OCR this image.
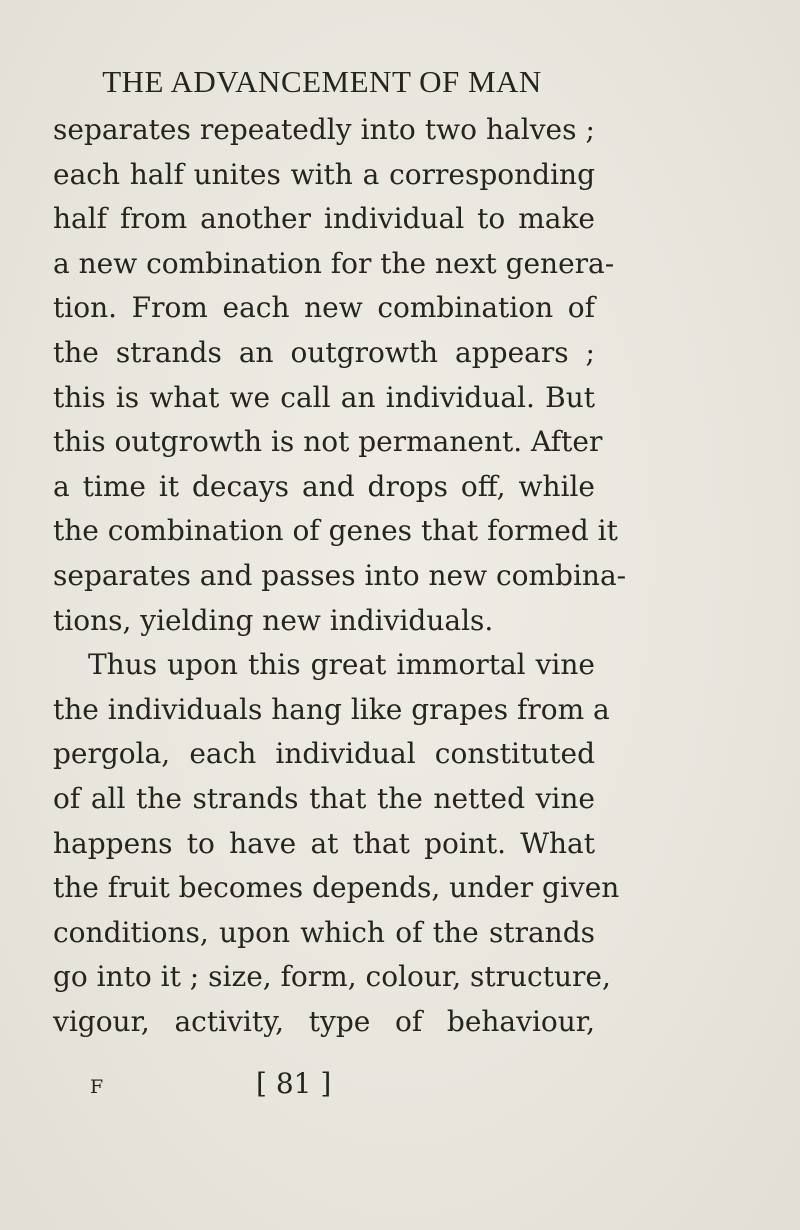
THE ADVANCEMENT OF MAN
separates repeatedly into two halves ;
each half unites with a corresponding
half from another individual to make
a new combination for the next genera-
tion. From each new combination of
the strands an outgrowth appears ;
this is what we call an individual. But
this outgrowth is not permanent. After
a time it decays and drops off, while
the combination of genes that formed it
separates and passes into new combina-
tions, yielding new individuals.
Thus upon this great immortal vine
the individuals hang like grapes from a
pergola, each individual constituted
of all the strands that the netted vine
happens to have at that point. What
the fruit becomes depends, under given
conditions, upon which of the strands
go into it ; size, form, colour, structure,
vigour, activity, type of behaviour,
F	[ 81 ]
